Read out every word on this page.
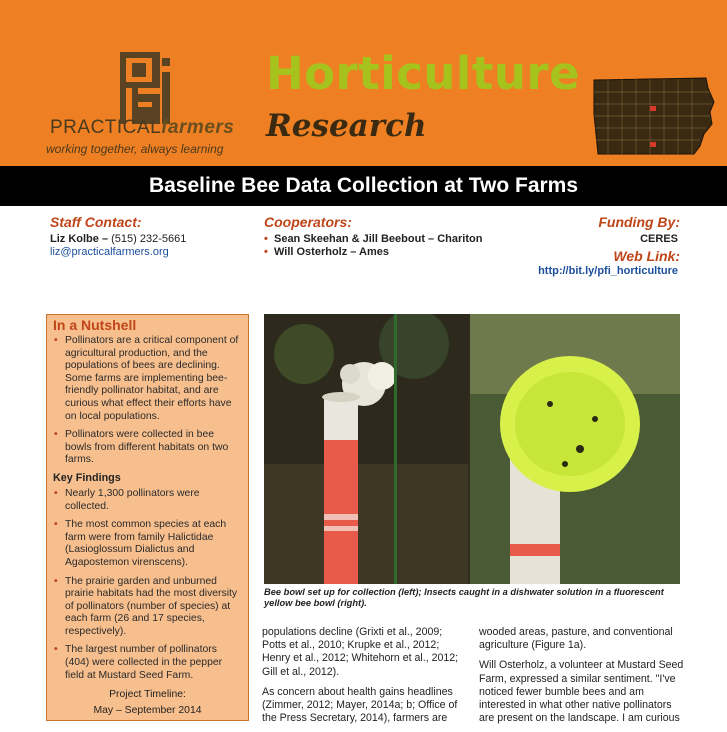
PRACTICALfarmers
working together, always learning
Horticulture
Research
Baseline Bee Data Collection at Two Farms
Staff Contact:
Liz Kolbe – (515) 232-5661
liz@practicalfarmers.org
Cooperators:
• Sean Skeehan & Jill Beebout – Chariton
• Will Osterholz – Ames
Funding By:
CERES
Web Link:
http://bit.ly/pfi_horticulture
In a Nutshell
• Pollinators are a critical component of agricultural production, and the populations of bees are declining. Some farms are implementing bee-friendly pollinator habitat, and are curious what effect their efforts have on local populations.
• Pollinators were collected in bee bowls from different habitats on two farms.
Key Findings
• Nearly 1,300 pollinators were collected.
• The most common species at each farm were from family Halictidae (Lasioglossum Dialictus and Agapostemon virenscens).
• The prairie garden and unburned prairie habitats had the most diversity of pollinators (number of species) at each farm (26 and 17 species, respectively).
• The largest number of pollinators (404) were collected in the pepper field at Mustard Seed Farm.
Project Timeline:
May – September 2014
Bee bowl set up for collection (left); Insects caught in a dishwater solution in a fluorescent yellow bee bowl (right).

populations decline (Grixti et al., 2009; Potts et al., 2010; Krupke et al., 2012; Henry et al., 2012; Whitehorn et al., 2012; Gill et al., 2012).

As concern about health gains headlines (Zimmer, 2012; Mayer, 2014a; b; Office of the Press Secretary, 2014), farmers are

wooded areas, pasture, and conventional agriculture (Figure 1a).

Will Osterholz, a volunteer at Mustard Seed Farm, expressed a similar sentiment. "I've noticed fewer bumble bees and am interested in what other native pollinators are present on the landscape. I am curious
